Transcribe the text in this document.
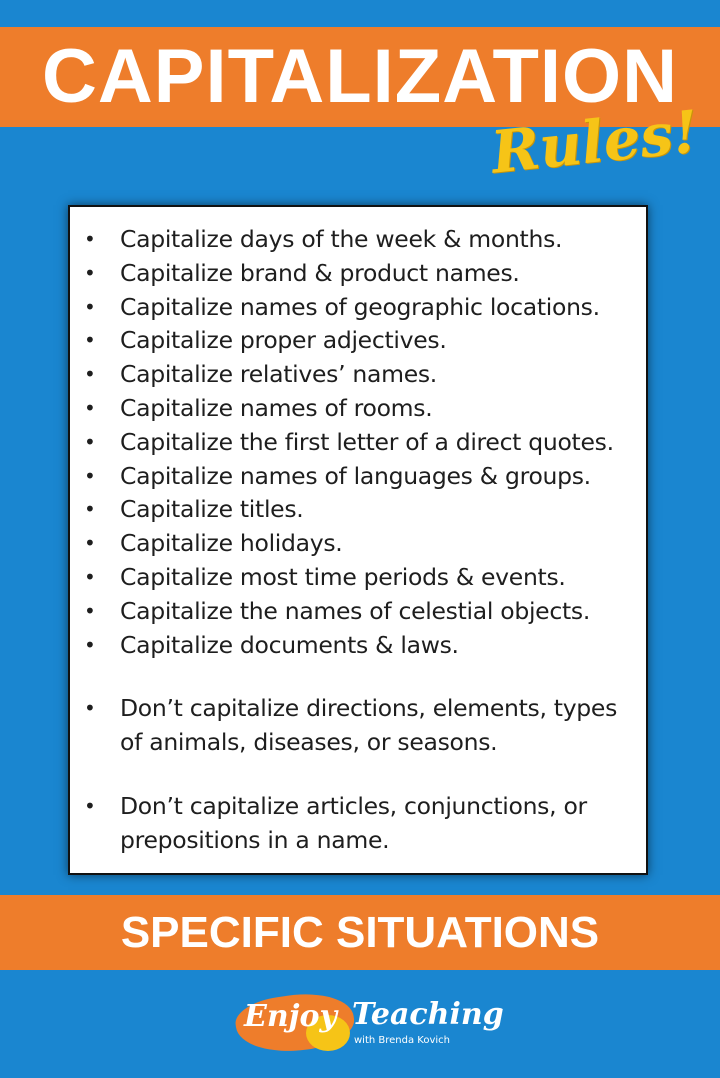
CAPITALIZATION
Rules!
• Capitalize days of the week & months.
• Capitalize brand & product names.
• Capitalize names of geographic locations.
• Capitalize proper adjectives.
• Capitalize relatives’ names.
• Capitalize names of rooms.
• Capitalize the first letter of a direct quotes.
• Capitalize names of languages & groups.
• Capitalize titles.
• Capitalize holidays.
• Capitalize most time periods & events.
• Capitalize the names of celestial objects.
• Capitalize documents & laws.
• Don’t capitalize directions, elements, types of animals, diseases, or seasons.
• Don’t capitalize articles, conjunctions, or prepositions in a name.
SPECIFIC SITUATIONS
Enjoy Teaching
with Brenda Kovich
